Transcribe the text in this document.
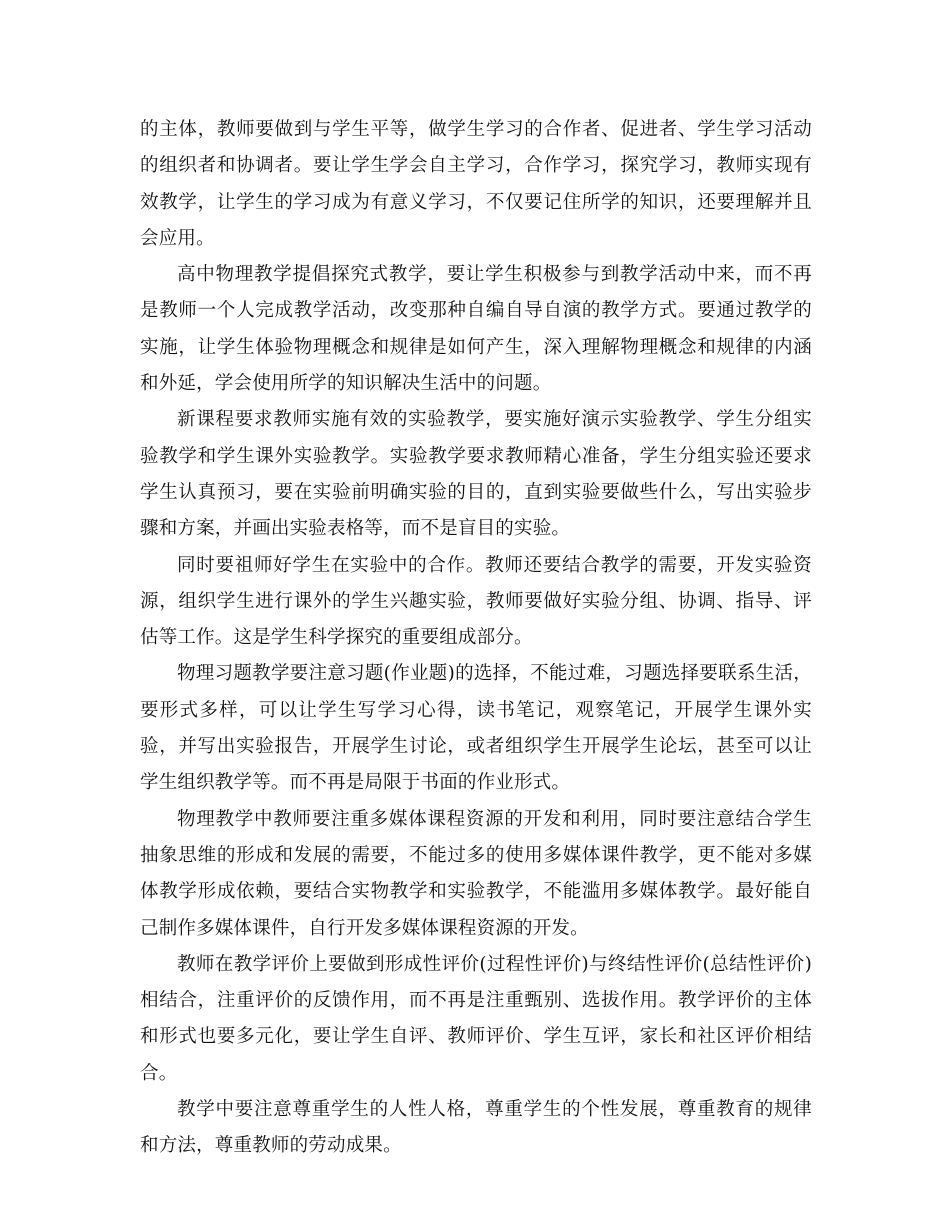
的主体，教师要做到与学生平等，做学生学习的合作者、促进者、学生学习活动的组织者和协调者。要让学生学会自主学习，合作学习，探究学习，教师实现有效教学，让学生的学习成为有意义学习，不仅要记住所学的知识，还要理解并且会应用。

高中物理教学提倡探究式教学，要让学生积极参与到教学活动中来，而不再是教师一个人完成教学活动，改变那种自编自导自演的教学方式。要通过教学的实施，让学生体验物理概念和规律是如何产生，深入理解物理概念和规律的内涵和外延，学会使用所学的知识解决生活中的问题。

新课程要求教师实施有效的实验教学，要实施好演示实验教学、学生分组实验教学和学生课外实验教学。实验教学要求教师精心准备，学生分组实验还要求学生认真预习，要在实验前明确实验的目的，直到实验要做些什么，写出实验步骤和方案，并画出实验表格等，而不是盲目的实验。

同时要祖师好学生在实验中的合作。教师还要结合教学的需要，开发实验资源，组织学生进行课外的学生兴趣实验，教师要做好实验分组、协调、指导、评估等工作。这是学生科学探究的重要组成部分。

物理习题教学要注意习题(作业题)的选择，不能过难，习题选择要联系生活，要形式多样，可以让学生写学习心得，读书笔记，观察笔记，开展学生课外实验，并写出实验报告，开展学生讨论，或者组织学生开展学生论坛，甚至可以让学生组织教学等。而不再是局限于书面的作业形式。

物理教学中教师要注重多媒体课程资源的开发和利用，同时要注意结合学生抽象思维的形成和发展的需要，不能过多的使用多媒体课件教学，更不能对多媒体教学形成依赖，要结合实物教学和实验教学，不能滥用多媒体教学。最好能自己制作多媒体课件，自行开发多媒体课程资源的开发。

教师在教学评价上要做到形成性评价(过程性评价)与终结性评价(总结性评价)相结合，注重评价的反馈作用，而不再是注重甄别、选拔作用。教学评价的主体和形式也要多元化，要让学生自评、教师评价、学生互评，家长和社区评价相结合。

教学中要注意尊重学生的人性人格，尊重学生的个性发展，尊重教育的规律和方法，尊重教师的劳动成果。
